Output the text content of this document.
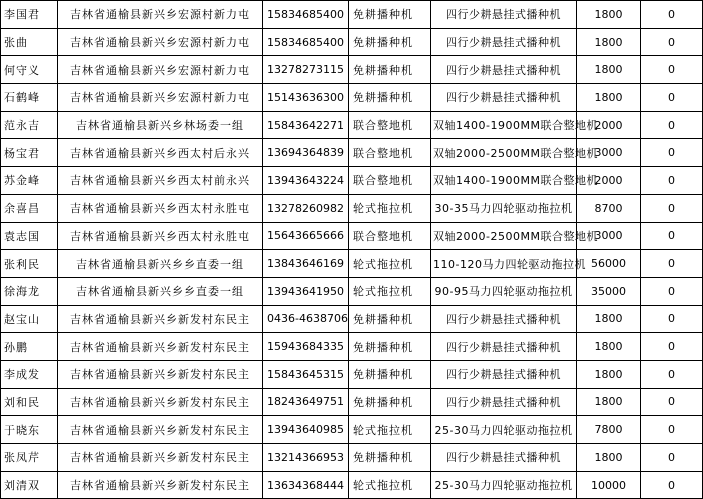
李国君	吉林省通榆县新兴乡宏源村新力屯	15834685400	免耕播种机	四行少耕悬挂式播种机	1800	0
张曲	吉林省通榆县新兴乡宏源村新力屯	15834685400	免耕播种机	四行少耕悬挂式播种机	1800	0
何守义	吉林省通榆县新兴乡宏源村新力屯	13278273115	免耕播种机	四行少耕悬挂式播种机	1800	0
石鹤峰	吉林省通榆县新兴乡宏源村新力屯	15143636300	免耕播种机	四行少耕悬挂式播种机	1800	0
范永吉	吉林省通榆县新兴乡林场委一组	15843642271	联合整地机	双轴1400-1900MM联合整地机	2000	0
杨宝君	吉林省通榆县新兴乡西太村后永兴	13694364839	联合整地机	双轴2000-2500MM联合整地机	3000	0
苏金峰	吉林省通榆县新兴乡西太村前永兴	13943643224	联合整地机	双轴1400-1900MM联合整地机	2000	0
余喜昌	吉林省通榆县新兴乡西太村永胜屯	13278260982	轮式拖拉机	30-35马力四轮驱动拖拉机	8700	0
袁志国	吉林省通榆县新兴乡西太村永胜屯	15643665666	联合整地机	双轴2000-2500MM联合整地机	3000	0
张利民	吉林省通榆县新兴乡乡直委一组	13843646169	轮式拖拉机	110-120马力四轮驱动拖拉机	56000	0
徐海龙	吉林省通榆县新兴乡乡直委一组	13943641950	轮式拖拉机	90-95马力四轮驱动拖拉机	35000	0
赵宝山	吉林省通榆县新兴乡新发村东民主	0436-4638706	免耕播种机	四行少耕悬挂式播种机	1800	0
孙鹏	吉林省通榆县新兴乡新发村东民主	15943684335	免耕播种机	四行少耕悬挂式播种机	1800	0
李成发	吉林省通榆县新兴乡新发村东民主	15843645315	免耕播种机	四行少耕悬挂式播种机	1800	0
刘和民	吉林省通榆县新兴乡新发村东民主	18243649751	免耕播种机	四行少耕悬挂式播种机	1800	0
于晓东	吉林省通榆县新兴乡新发村东民主	13943640985	轮式拖拉机	25-30马力四轮驱动拖拉机	7800	0
张凤芹	吉林省通榆县新兴乡新发村东民主	13214366953	免耕播种机	四行少耕悬挂式播种机	1800	0
刘清双	吉林省通榆县新兴乡新发村东民主	13634368444	轮式拖拉机	25-30马力四轮驱动拖拉机	10000	0
